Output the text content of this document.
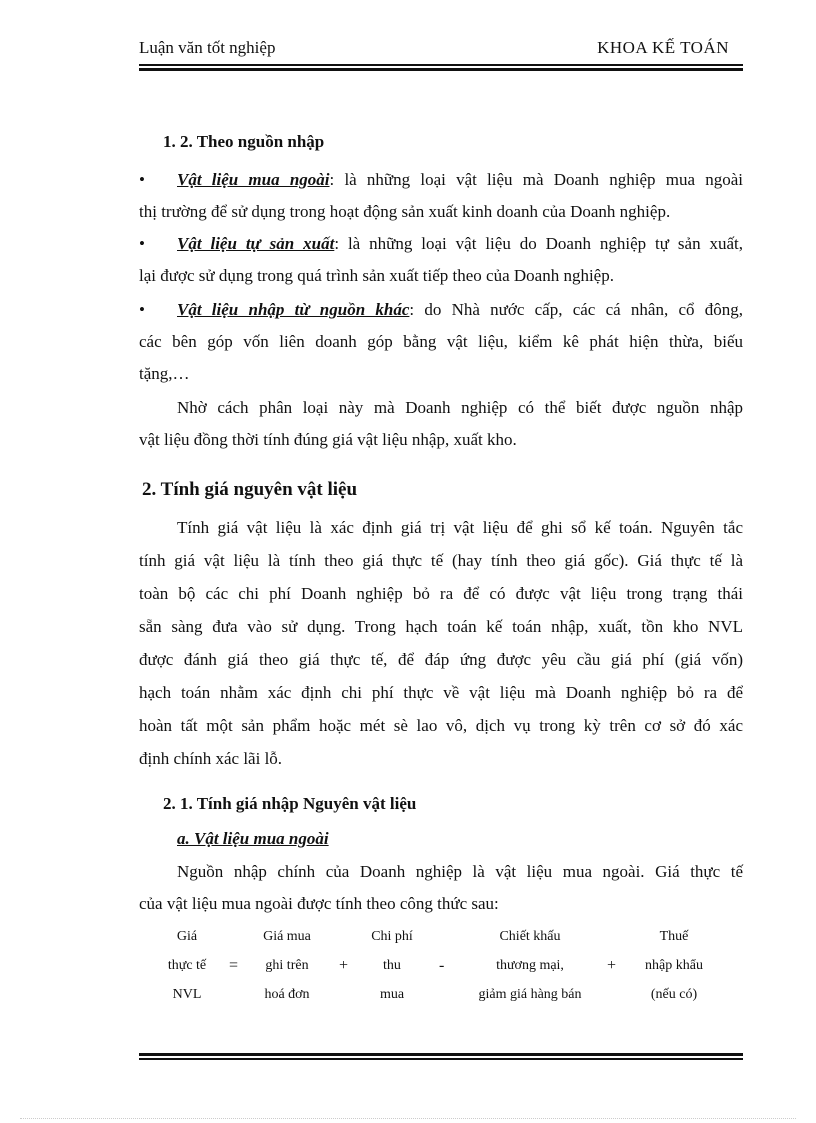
Luận văn tốt nghiệp	KHOA KẾ TOÁN
1. 2. Theo nguồn nhập
• Vật liệu mua ngoài: là những loại vật liệu mà Doanh nghiệp mua ngoài
thị trường để sử dụng trong hoạt động sản xuất kinh doanh của Doanh nghiệp.
• Vật liệu tự sản xuất: là những loại vật liệu do Doanh nghiệp tự sản xuất,
lại được sử dụng trong quá trình sản xuất tiếp theo của Doanh nghiệp.
• Vật liệu nhập từ nguồn khác: do Nhà nước cấp, các cá nhân, cổ đông,
các bên góp vốn liên doanh góp bằng vật liệu, kiểm kê phát hiện thừa, biếu
tặng,…
Nhờ cách phân loại này mà Doanh nghiệp có thể biết được nguồn nhập
vật liệu đồng thời tính đúng giá vật liệu nhập, xuất kho.
2. Tính giá nguyên vật liệu
Tính giá vật liệu là xác định giá trị vật liệu để ghi sổ kế toán. Nguyên tắc
tính giá vật liệu là tính theo giá thực tế (hay tính theo giá gốc). Giá thực tế là
toàn bộ các chi phí Doanh nghiệp bỏ ra để có được vật liệu trong trạng thái
sẵn sàng đưa vào sử dụng. Trong hạch toán kế toán nhập, xuất, tồn kho NVL
được đánh giá theo giá thực tế, để đáp ứng được yêu cầu giá phí (giá vốn)
hạch toán nhằm xác định chi phí thực về vật liệu mà Doanh nghiệp bỏ ra để
hoàn tất một sản phẩm hoặc mét sè lao vô, dịch vụ trong kỳ trên cơ sở đó xác
định chính xác lãi lỗ.
2. 1. Tính giá nhập Nguyên vật liệu
a. Vật liệu mua ngoài
Nguồn nhập chính của Doanh nghiệp là vật liệu mua ngoài. Giá thực tế
của vật liệu mua ngoài được tính theo công thức sau:
Giá
thực tế
NVL
=
Giá mua
ghi trên
hoá đơn
+
Chi phí
thu
mua
-
Chiết khấu
thương mại,
giảm giá hàng bán
+
Thuế
nhập khẩu
(nếu có)
